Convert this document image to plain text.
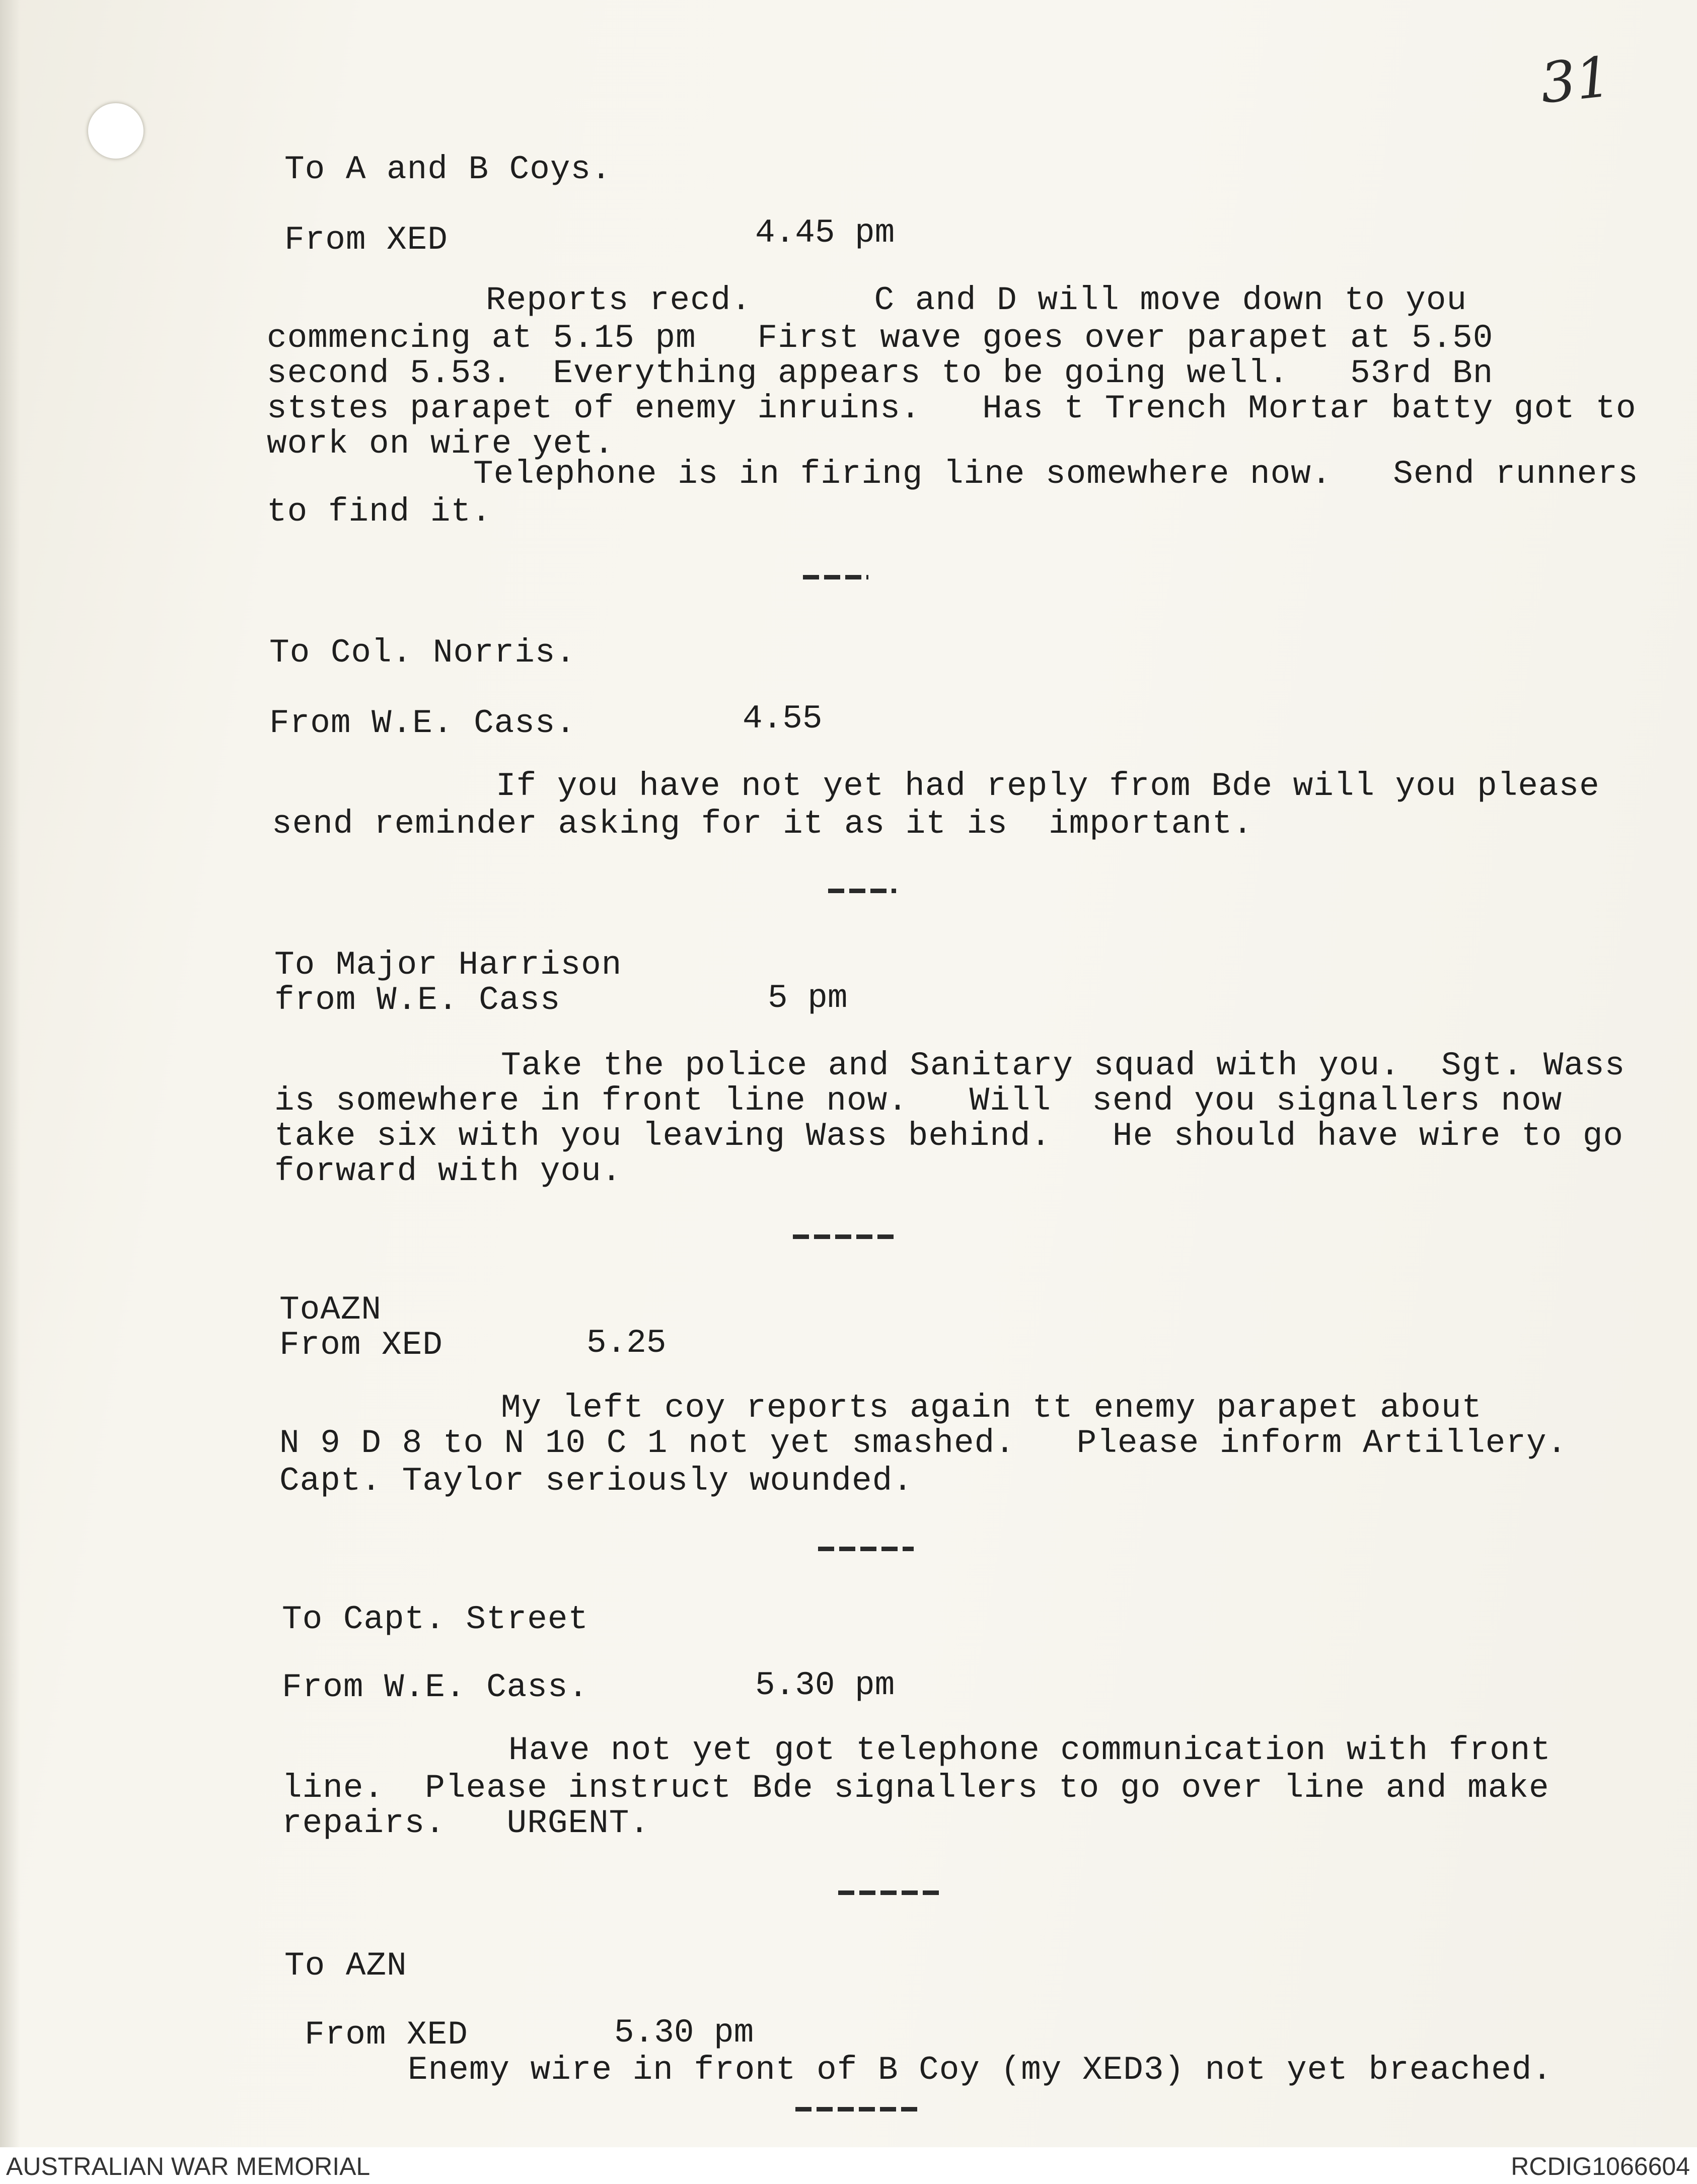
31
To A and B Coys.
From XED	4.45 pm
Reports recd.      C and D will move down to you
commencing at 5.15 pm   First wave goes over parapet at 5.50
second 5.53.  Everything appears to be going well.   53rd Bn
ststes parapet of enemy inruins.   Has t Trench Mortar batty got to
work on wire yet.
Telephone is in firing line somewhere now.   Send runners
to find it.
To Col. Norris.
From W.E. Cass.	4.55
If you have not yet had reply from Bde will you please
send reminder asking for it as it is  important.
To Major Harrison
from W.E. Cass	5 pm
Take the police and Sanitary squad with you.  Sgt. Wass
is somewhere in front line now.   Will  send you signallers now
take six with you leaving Wass behind.   He should have wire to go
forward with you.
ToAZN
From XED	5.25
My left coy reports again tt enemy parapet about
N 9 D 8 to N 10 C 1 not yet smashed.   Please inform Artillery.
Capt. Taylor seriously wounded.
To Capt. Street
From W.E. Cass.	5.30 pm
Have not yet got telephone communication with front
line.  Please instruct Bde signallers to go over line and make
repairs.   URGENT.
To AZN
From XED	5.30 pm
Enemy wire in front of B Coy (my XED3) not yet breached.
AUSTRALIAN WAR MEMORIAL	RCDIG1066604
